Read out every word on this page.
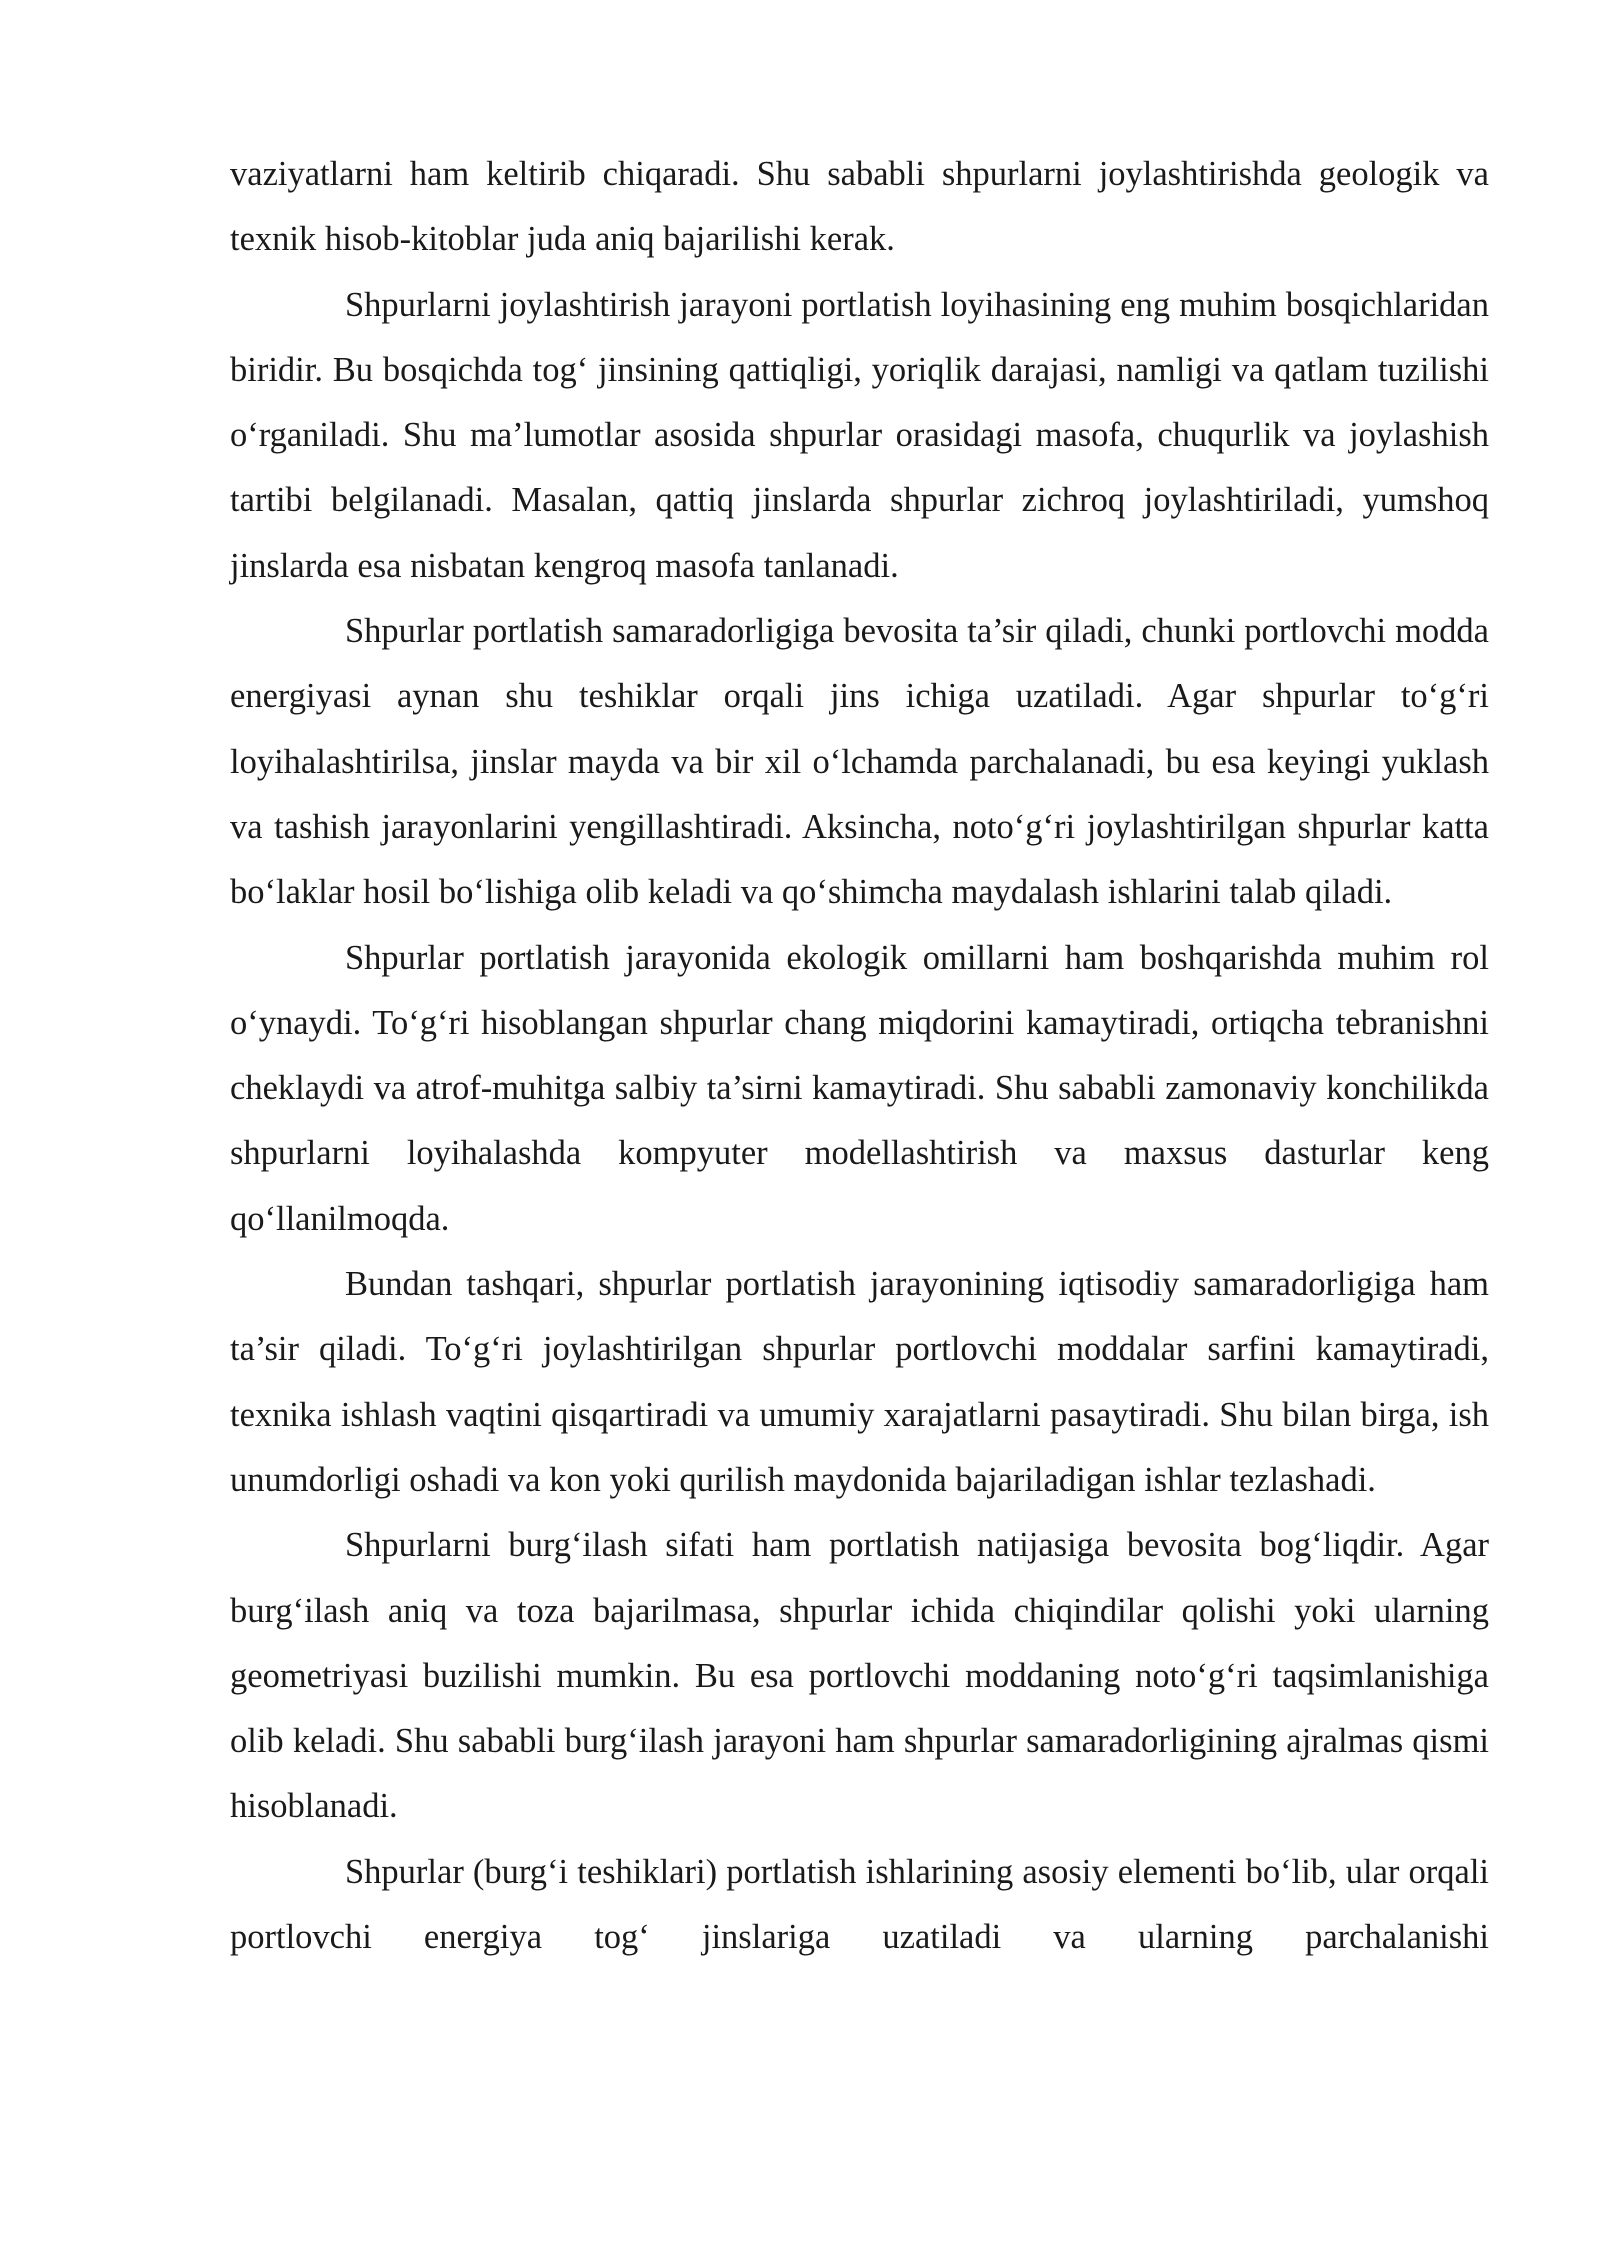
vaziyatlarni ham keltirib chiqaradi. Shu sababli shpurlarni joylashtirishda geologik va texnik hisob-kitoblar juda aniq bajarilishi kerak.

Shpurlarni joylashtirish jarayoni portlatish loyihasining eng muhim bosqichlaridan biridir. Bu bosqichda tog‘ jinsining qattiqligi, yoriqlik darajasi, namligi va qatlam tuzilishi o‘rganiladi. Shu ma’lumotlar asosida shpurlar orasidagi masofa, chuqurlik va joylashish tartibi belgilanadi. Masalan, qattiq jinslarda shpurlar zichroq joylashtiriladi, yumshoq jinslarda esa nisbatan kengroq masofa tanlanadi.

Shpurlar portlatish samaradorligiga bevosita ta’sir qiladi, chunki portlovchi modda energiyasi aynan shu teshiklar orqali jins ichiga uzatiladi. Agar shpurlar to‘g‘ri loyihalashtirilsa, jinslar mayda va bir xil o‘lchamda parchalanadi, bu esa keyingi yuklash va tashish jarayonlarini yengillashtiradi. Aksincha, noto‘g‘ri joylashtirilgan shpurlar katta bo‘laklar hosil bo‘lishiga olib keladi va qo‘shimcha maydalash ishlarini talab qiladi.

Shpurlar portlatish jarayonida ekologik omillarni ham boshqarishda muhim rol o‘ynaydi. To‘g‘ri hisoblangan shpurlar chang miqdorini kamaytiradi, ortiqcha tebranishni cheklaydi va atrof-muhitga salbiy ta’sirni kamaytiradi. Shu sababli zamonaviy konchilikda shpurlarni loyihalashda kompyuter modellashtirish va maxsus dasturlar keng qo‘llanilmoqda.

Bundan tashqari, shpurlar portlatish jarayonining iqtisodiy samaradorligiga ham ta’sir qiladi. To‘g‘ri joylashtirilgan shpurlar portlovchi moddalar sarfini kamaytiradi, texnika ishlash vaqtini qisqartiradi va umumiy xarajatlarni pasaytiradi. Shu bilan birga, ish unumdorligi oshadi va kon yoki qurilish maydonida bajariladigan ishlar tezlashadi.

Shpurlarni burg‘ilash sifati ham portlatish natijasiga bevosita bog‘liqdir. Agar burg‘ilash aniq va toza bajarilmasa, shpurlar ichida chiqindilar qolishi yoki ularning geometriyasi buzilishi mumkin. Bu esa portlovchi moddaning noto‘g‘ri taqsimlanishiga olib keladi. Shu sababli burg‘ilash jarayoni ham shpurlar samaradorligining ajralmas qismi hisoblanadi.

Shpurlar (burg‘i teshiklari) portlatish ishlarining asosiy elementi bo‘lib, ular orqali portlovchi energiya tog‘ jinslariga uzatiladi va ularning parchalanishi
